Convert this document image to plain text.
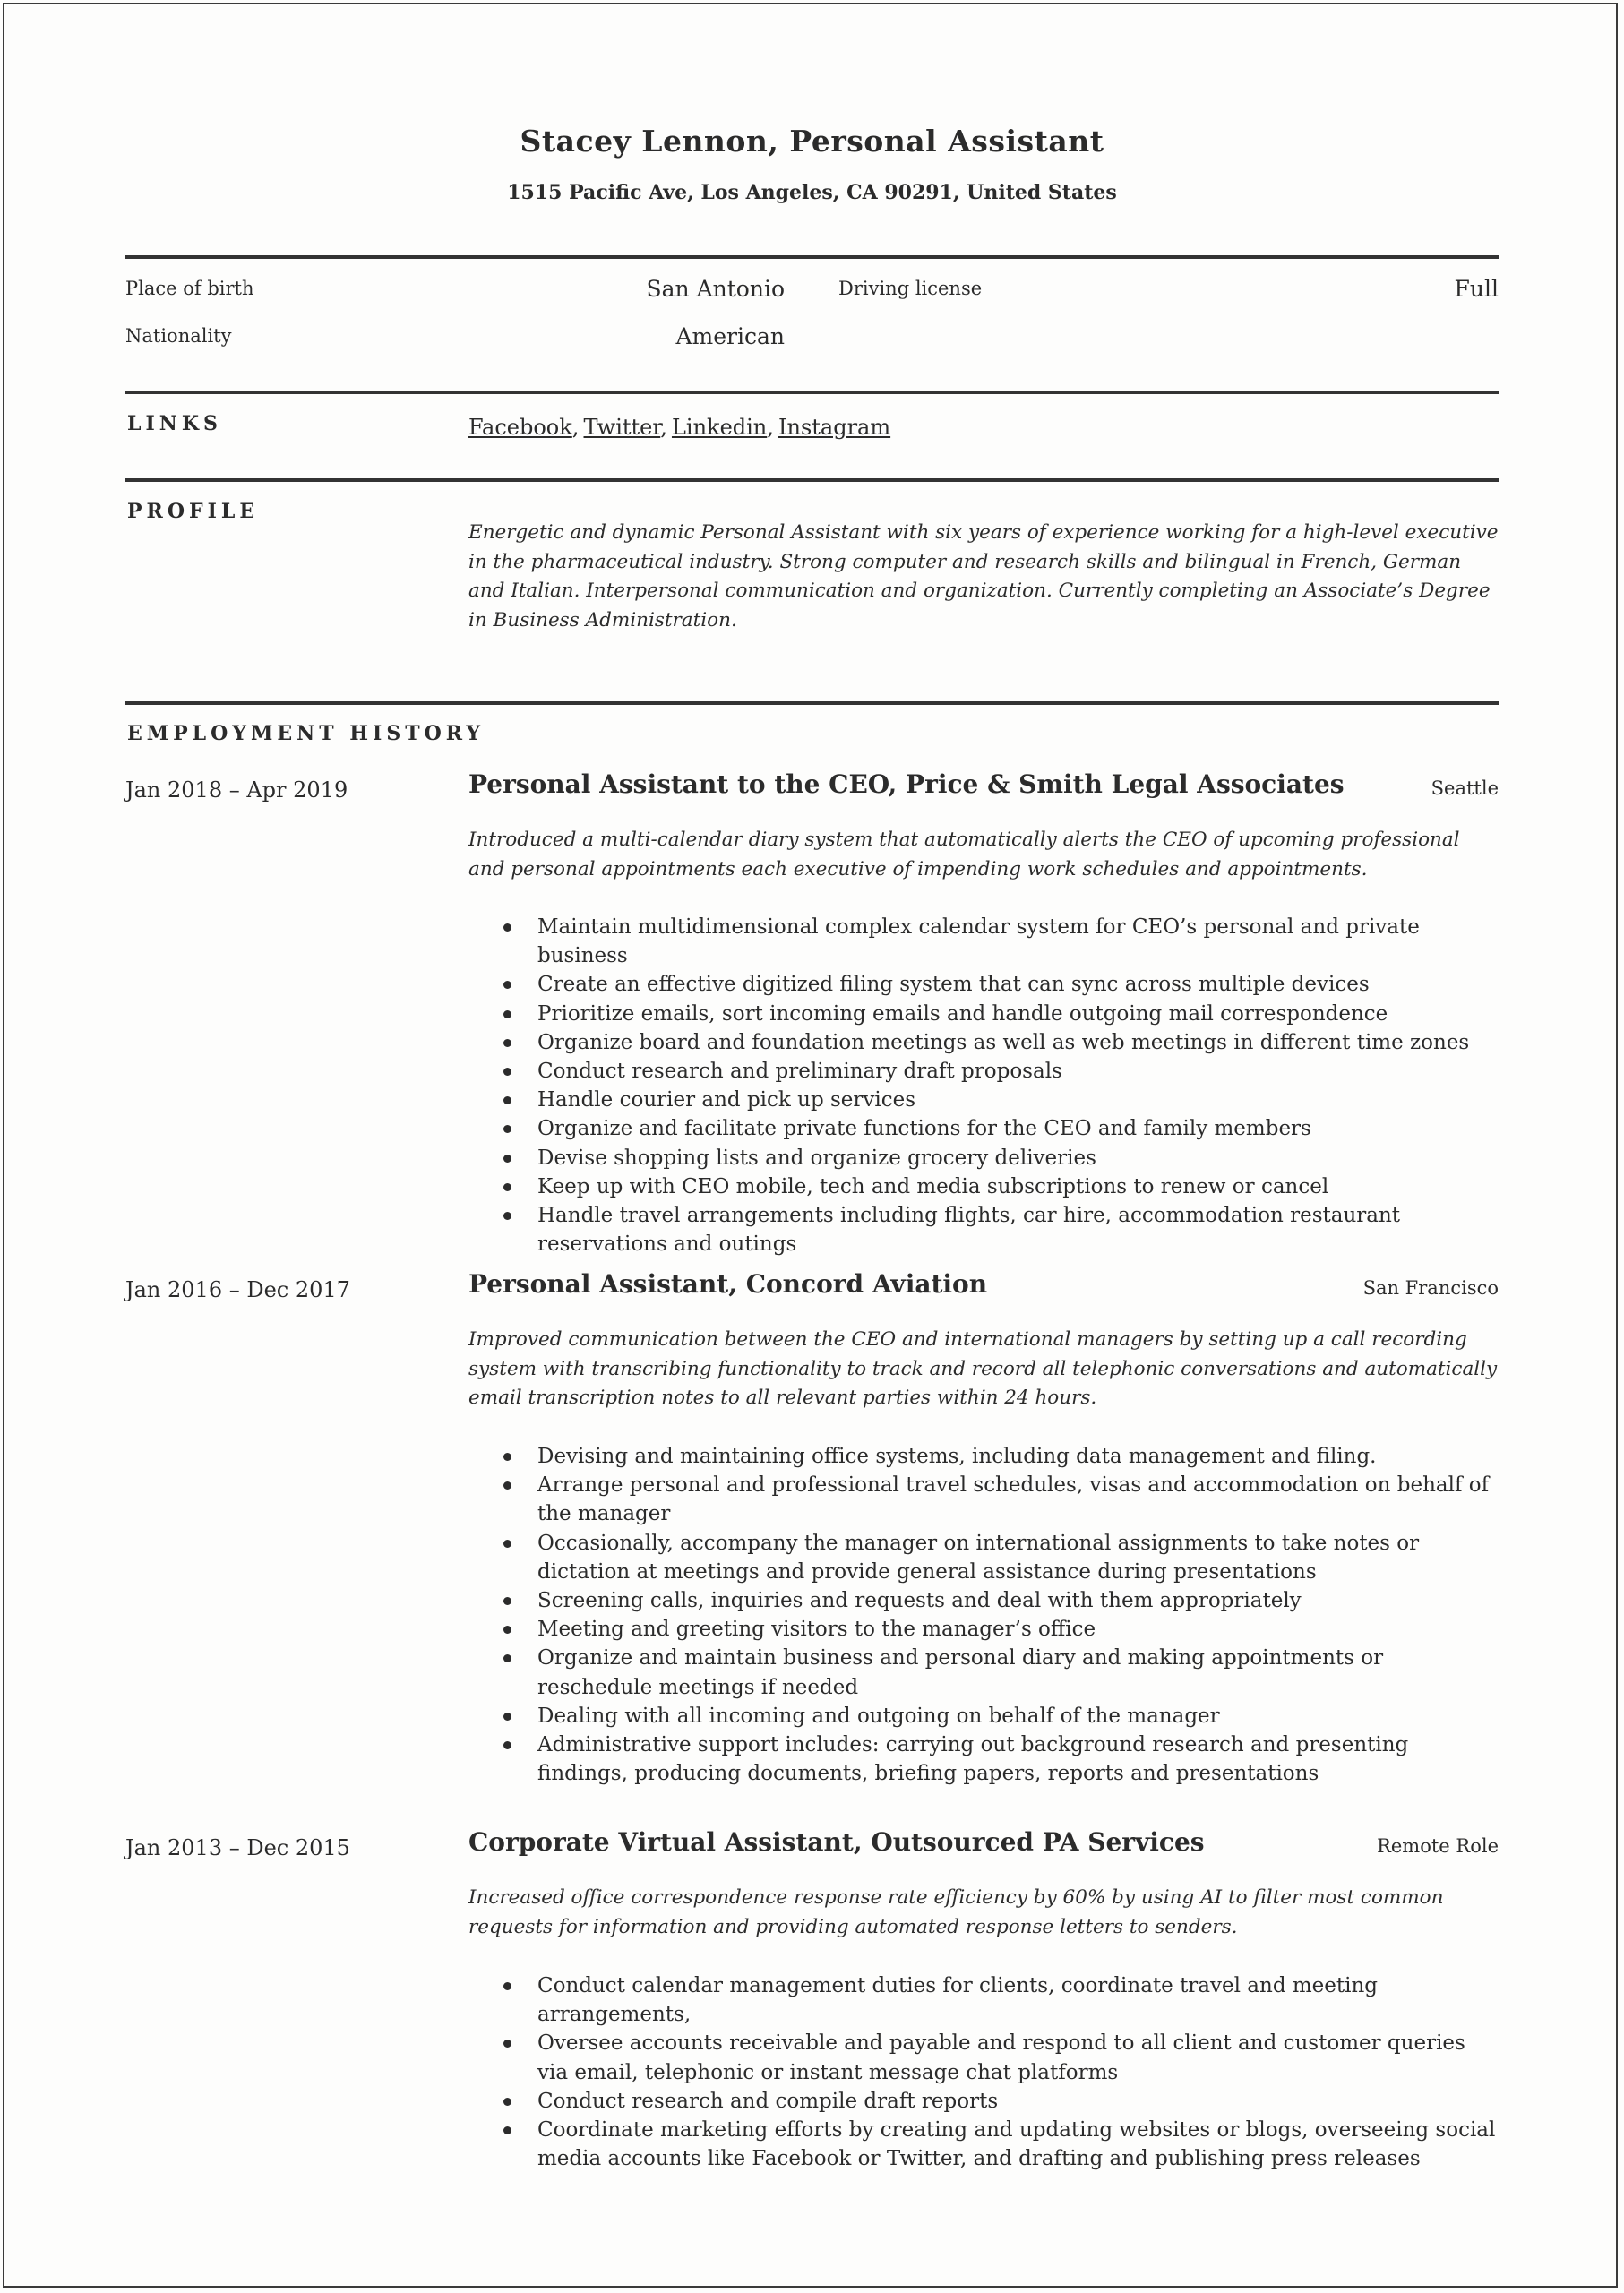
Stacey Lennon, Personal Assistant
1515 Pacific Ave, Los Angeles, CA 90291, United States
Place of birth	San Antonio	Driving license	Full
Nationality	American
LINKS	Facebook, Twitter, Linkedin, Instagram
PROFILE
Energetic and dynamic Personal Assistant with six years of experience working for a high-level executive in the pharmaceutical industry. Strong computer and research skills and bilingual in French, German and Italian. Interpersonal communication and organization. Currently completing an Associate’s Degree in Business Administration.
EMPLOYMENT HISTORY
Jan 2018 – Apr 2019	Personal Assistant to the CEO, Price & Smith Legal Associates	Seattle
Introduced a multi-calendar diary system that automatically alerts the CEO of upcoming professional and personal appointments each executive of impending work schedules and appointments.
Maintain multidimensional complex calendar system for CEO’s personal and private business
Create an effective digitized filing system that can sync across multiple devices
Prioritize emails, sort incoming emails and handle outgoing mail correspondence
Organize board and foundation meetings as well as web meetings in different time zones
Conduct research and preliminary draft proposals
Handle courier and pick up services
Organize and facilitate private functions for the CEO and family members
Devise shopping lists and organize grocery deliveries
Keep up with CEO mobile, tech and media subscriptions to renew or cancel
Handle travel arrangements including flights, car hire, accommodation restaurant reservations and outings
Jan 2016 – Dec 2017	Personal Assistant, Concord Aviation	San Francisco
Improved communication between the CEO and international managers by setting up a call recording system with transcribing functionality to track and record all telephonic conversations and automatically email transcription notes to all relevant parties within 24 hours.
Devising and maintaining office systems, including data management and filing.
Arrange personal and professional travel schedules, visas and accommodation on behalf of the manager
Occasionally, accompany the manager on international assignments to take notes or dictation at meetings and provide general assistance during presentations
Screening calls, inquiries and requests and deal with them appropriately
Meeting and greeting visitors to the manager’s office
Organize and maintain business and personal diary and making appointments or reschedule meetings if needed
Dealing with all incoming and outgoing on behalf of the manager
Administrative support includes: carrying out background research and presenting findings, producing documents, briefing papers, reports and presentations
Jan 2013 – Dec 2015	Corporate Virtual Assistant, Outsourced PA Services	Remote Role
Increased office correspondence response rate efficiency by 60% by using AI to filter most common requests for information and providing automated response letters to senders.
Conduct calendar management duties for clients, coordinate travel and meeting arrangements,
Oversee accounts receivable and payable and respond to all client and customer queries via email, telephonic or instant message chat platforms
Conduct research and compile draft reports
Coordinate marketing efforts by creating and updating websites or blogs, overseeing social media accounts like Facebook or Twitter, and drafting and publishing press releases
